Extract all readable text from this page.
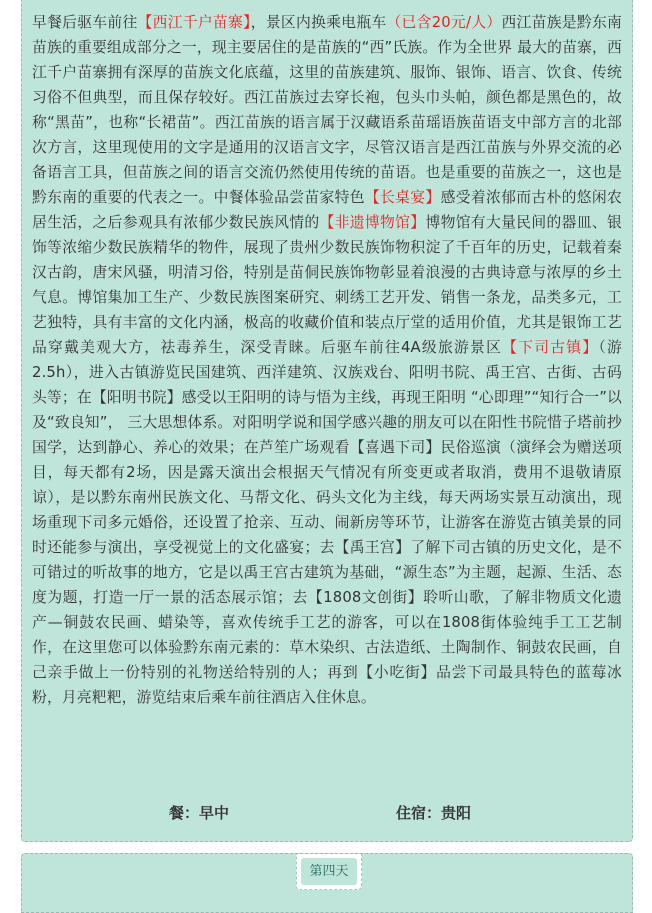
早餐后驱车前往【西江千户苗寨】，景区内换乘电瓶车（已含20元/人）西江苗族是黔东南苗族的重要组成部分之一，现主要居住的是苗族的“西”氏族。作为全世界 最大的苗寨，西江千户苗寨拥有深厚的苗族文化底蕴，这里的苗族建筑、服饰、银饰、语言、饮食、传统习俗不但典型，而且保存较好。西江苗族过去穿长袍，包头巾头帕，颜色都是黑色的，故称“黑苗”，也称“长裙苗”。西江苗族的语言属于汉藏语系苗瑶语族苗语支中部方言的北部次方言，这里现使用的文字是通用的汉语言文字，尽管汉语言是西江苗族与外界交流的必备语言工具，但苗族之间的语言交流仍然使用传统的苗语。也是重要的苗族之一，这也是黔东南的重要的代表之一。中餐体验品尝苗家特色【长桌宴】感受着浓郁而古朴的悠闲农居生活，之后参观具有浓郁少数民族风情的【非遗博物馆】博物馆有大量民间的器皿、银饰等浓缩少数民族精华的物件，展现了贵州少数民族饰物积淀了千百年的历史，记载着秦汉古韵，唐宋风骚，明清习俗，特别是苗侗民族饰物彰显着浪漫的古典诗意与浓厚的乡土气息。博馆集加工生产、少数民族图案研究、刺绣工艺开发、销售一条龙，品类多元，工艺独特，具有丰富的文化内涵，极高的收藏价值和装点厅堂的适用价值，尤其是银饰工艺品穿戴美观大方，祛毒养生，深受青睐。后驱车前往4A级旅游景区【下司古镇】（游2.5h），进入古镇游览民国建筑、西洋建筑、汉族戏台、阳明书院、禹王宫、古街、古码头等；在【阳明书院】感受以王阳明的诗与悟为主线，再现王阳明 “心即理”“知行合一”以及“致良知”， 三大思想体系。对阳明学说和国学感兴趣的朋友可以在阳性书院惜子塔前抄国学，达到静心、养心的效果；在芦笙广场观看【喜遇下司】民俗巡演（演绎会为赠送项目，每天都有2场，因是露天演出会根据天气情况有所变更或者取消，费用不退敬请原谅），是以黔东南州民族文化、马帮文化、码头文化为主线，每天两场实景互动演出，现场重现下司多元婚俗，还设置了抢亲、互动、闹新房等环节，让游客在游览古镇美景的同时还能参与演出，享受视觉上的文化盛宴；去【禹王宫】了解下司古镇的历史文化，是不可错过的听故事的地方，它是以禹王宫古建筑为基础，“源生态”为主题，起源、生活、态度为题，打造一厅一景的活态展示馆；去【1808文创街】聆听山歌，了解非物质文化遗产—铜鼓农民画、蜡染等，喜欢传统手工艺的游客，可以在1808街体验纯手工工艺制作，在这里您可以体验黔东南元素的：草木染织、古法造纸、土陶制作、铜鼓农民画，自己亲手做上一份特别的礼物送给特别的人；再到【小吃街】品尝下司最具特色的蓝莓冰粉，月亮粑粑，游览结束后乘车前往酒店入住休息。

餐：早中	住宿：贵阳
第四天
